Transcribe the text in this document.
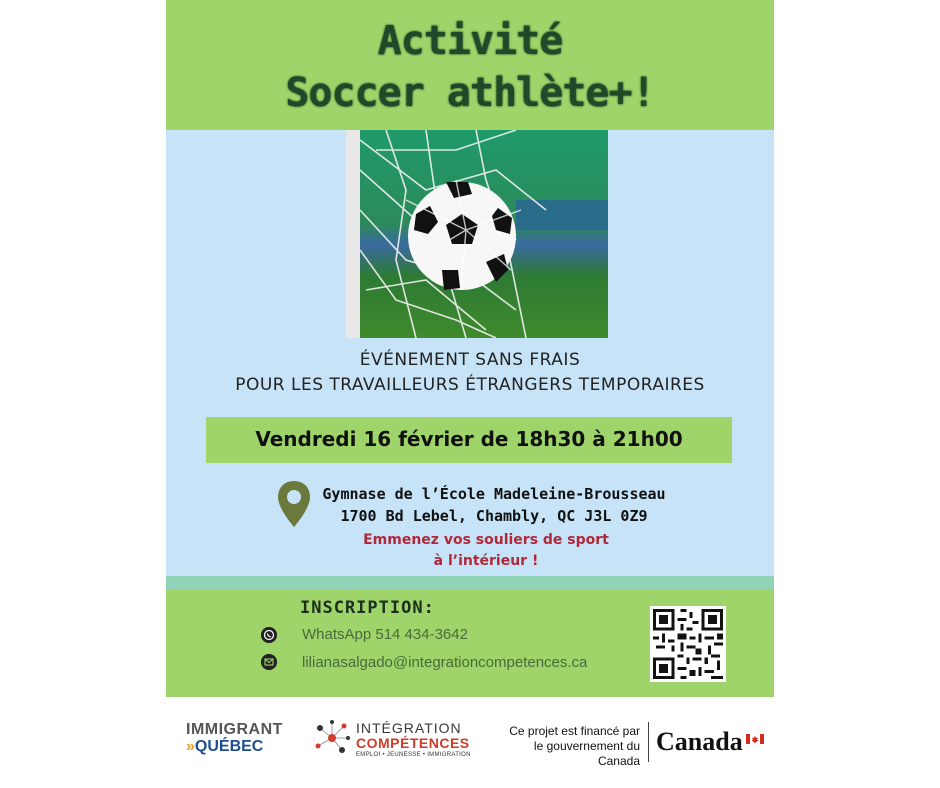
Activité
Soccer athlète+!
ÉVÉNEMENT SANS FRAIS
POUR LES TRAVAILLEURS ÉTRANGERS TEMPORAIRES
Vendredi 16 février de 18h30 à 21h00
Gymnase de l’École Madeleine-Brousseau
1700 Bd Lebel, Chambly, QC J3L 0Z9
Emmenez vos souliers de sport
à l’intérieur !
INSCRIPTION:
WhatsApp 514 434-3642
lilianasalgado@integrationcompetences.ca
IMMIGRANT
»QUÉBEC
INTÉGRATION
COMPÉTENCES
EMPLOI • JEUNESSE • IMMIGRATION
Ce projet est financé par
le gouvernement du Canada
Canada
